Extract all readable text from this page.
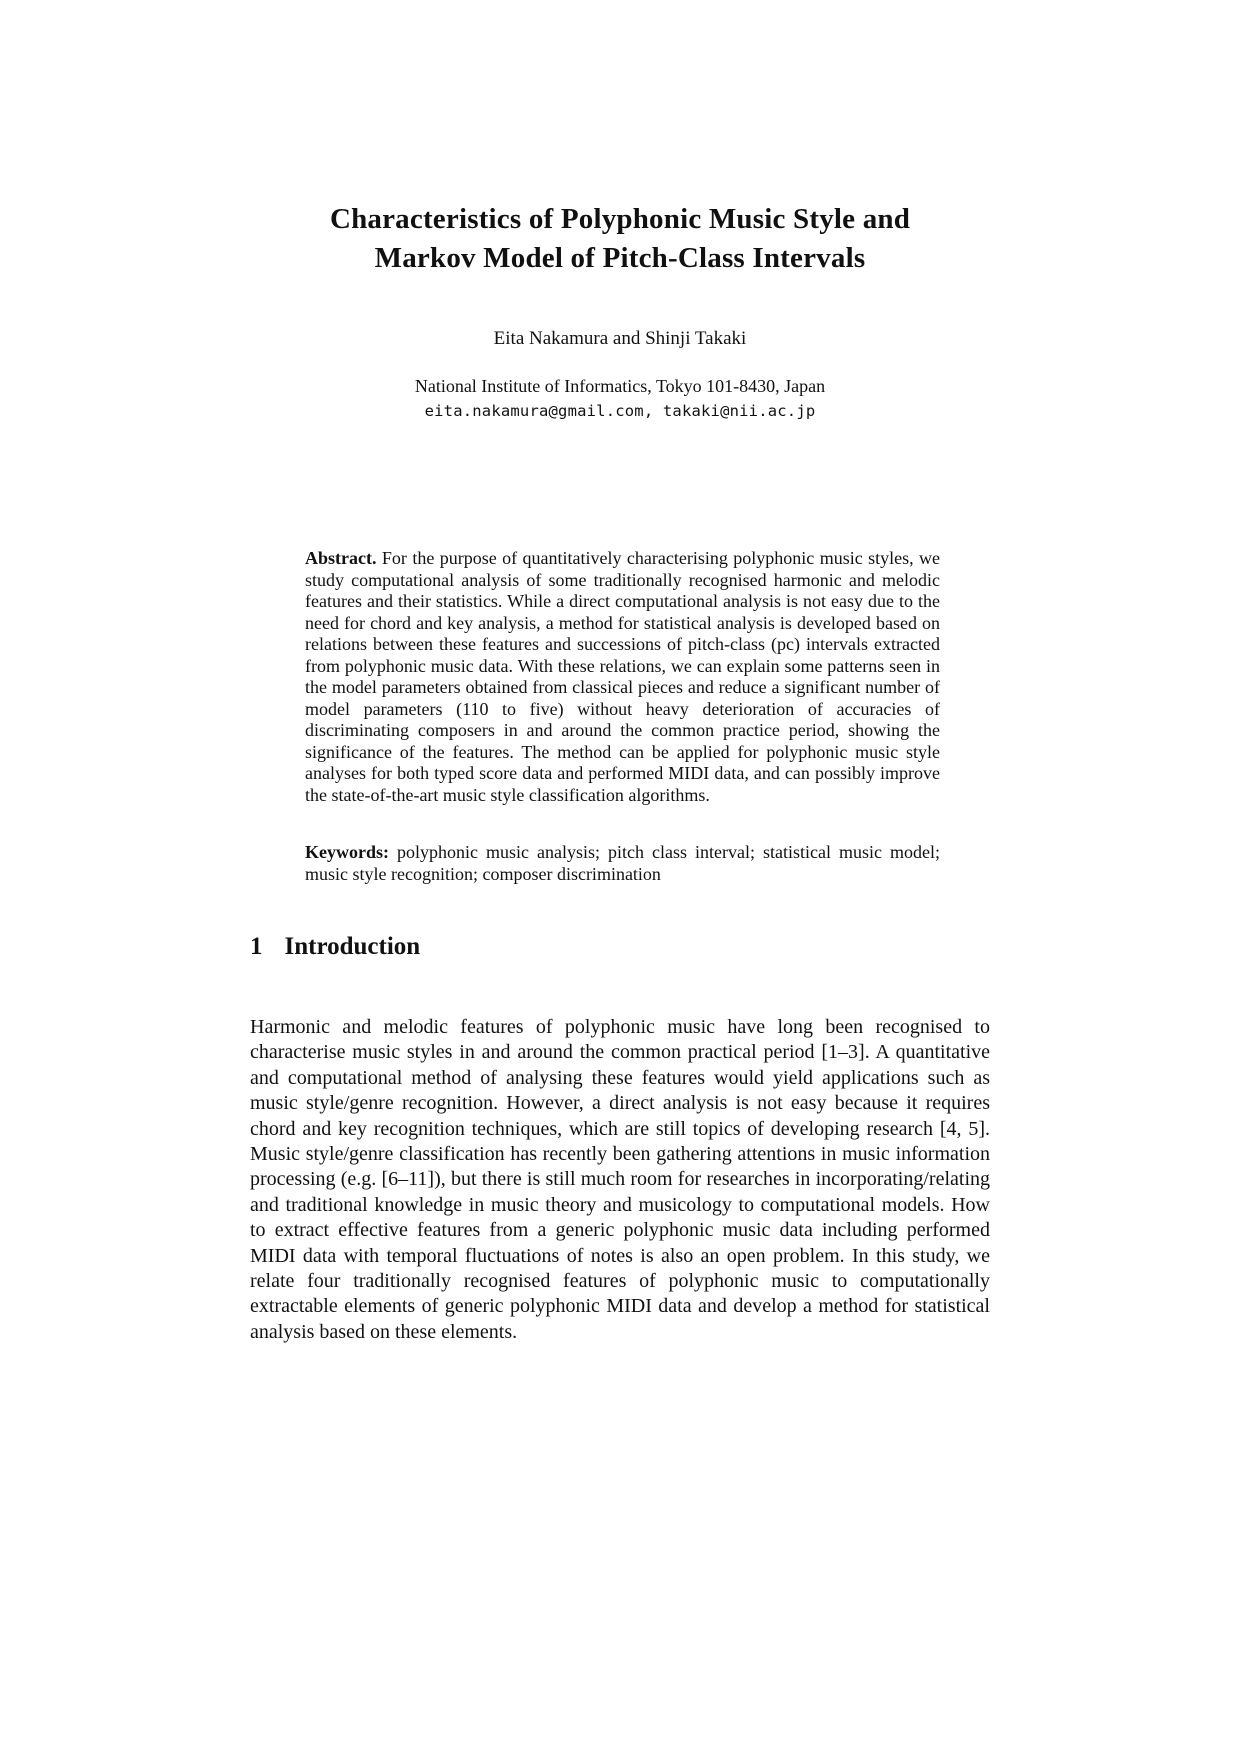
Characteristics of Polyphonic Music Style and
Markov Model of Pitch-Class Intervals
Eita Nakamura and Shinji Takaki
National Institute of Informatics, Tokyo 101-8430, Japan
eita.nakamura@gmail.com, takaki@nii.ac.jp

Abstract. For the purpose of quantitatively characterising polyphonic music styles, we study computational analysis of some traditionally recognised harmonic and melodic features and their statistics. While a direct computational analysis is not easy due to the need for chord and key analysis, a method for statistical analysis is developed based on relations between these features and successions of pitch-class (pc) intervals extracted from polyphonic music data. With these relations, we can explain some patterns seen in the model parameters obtained from classical pieces and reduce a significant number of model parameters (110 to five) without heavy deterioration of accuracies of discriminating composers in and around the common practice period, showing the significance of the features. The method can be applied for polyphonic music style analyses for both typed score data and performed MIDI data, and can possibly improve the state-of-the-art music style classification algorithms.

Keywords: polyphonic music analysis; pitch class interval; statistical music model; music style recognition; composer discrimination

1 Introduction

Harmonic and melodic features of polyphonic music have long been recognised to characterise music styles in and around the common practical period [1–3]. A quantitative and computational method of analysing these features would yield applications such as music style/genre recognition. However, a direct analysis is not easy because it requires chord and key recognition techniques, which are still topics of developing research [4, 5]. Music style/genre classification has recently been gathering attentions in music information processing (e.g. [6–11]), but there is still much room for researches in incorporating/relating and traditional knowledge in music theory and musicology to computational models. How to extract effective features from a generic polyphonic music data including performed MIDI data with temporal fluctuations of notes is also an open problem. In this study, we relate four traditionally recognised features of polyphonic music to computationally extractable elements of generic polyphonic MIDI data and develop a method for statistical analysis based on these elements.
